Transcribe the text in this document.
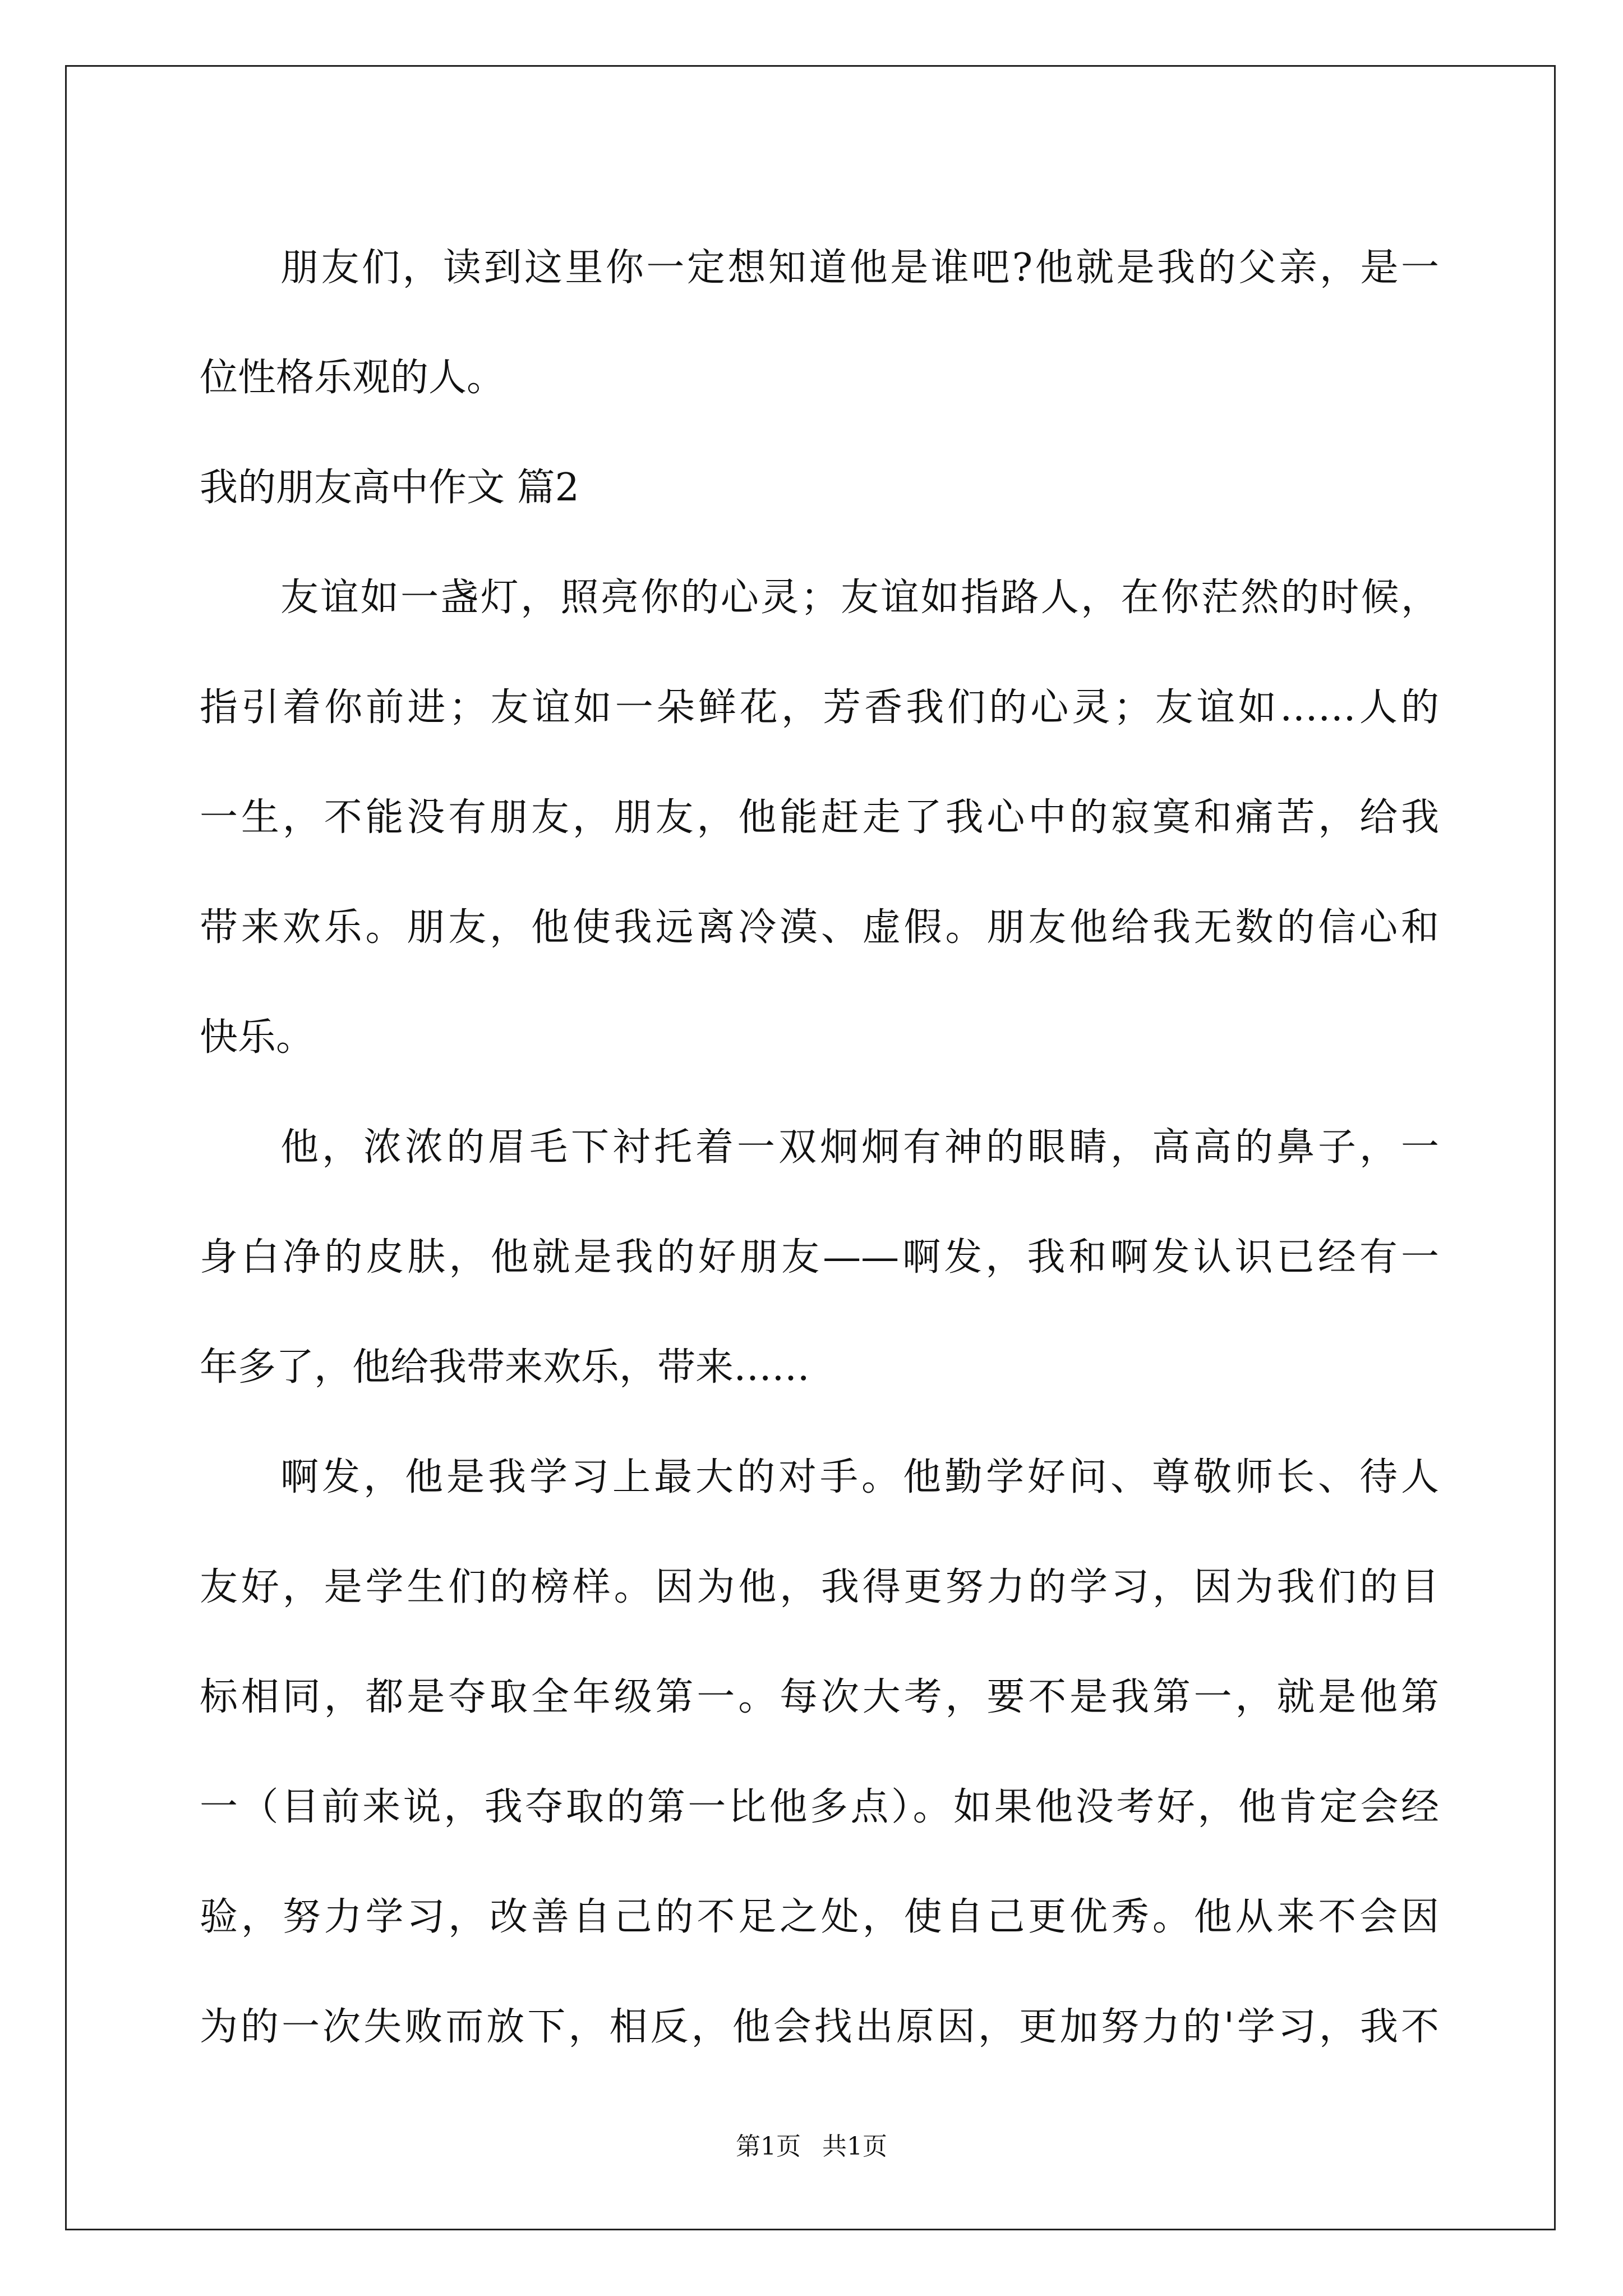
朋友们，读到这里你一定想知道他是谁吧?他就是我的父亲，是一
位性格乐观的人。
我的朋友高中作文 篇2
友谊如一盏灯，照亮你的心灵；友谊如指路人，在你茫然的时候，
指引着你前进；友谊如一朵鲜花，芳香我们的心灵；友谊如……人的
一生，不能没有朋友，朋友，他能赶走了我心中的寂寞和痛苦，给我
带来欢乐。朋友，他使我远离冷漠、虚假。朋友他给我无数的信心和
快乐。
他，浓浓的眉毛下衬托着一双炯炯有神的眼睛，高高的鼻子，一
身白净的皮肤，他就是我的好朋友——啊发，我和啊发认识已经有一
年多了，他给我带来欢乐，带来……
啊发，他是我学习上最大的对手。他勤学好问、尊敬师长、待人
友好，是学生们的榜样。因为他，我得更努力的学习，因为我们的目
标相同，都是夺取全年级第一。每次大考，要不是我第一，就是他第
一（目前来说，我夺取的第一比他多点）。如果他没考好，他肯定会经
验，努力学习，改善自己的不足之处，使自己更优秀。他从来不会因
为的一次失败而放下，相反，他会找出原因，更加努力的'学习，我不
第1页 共1页
